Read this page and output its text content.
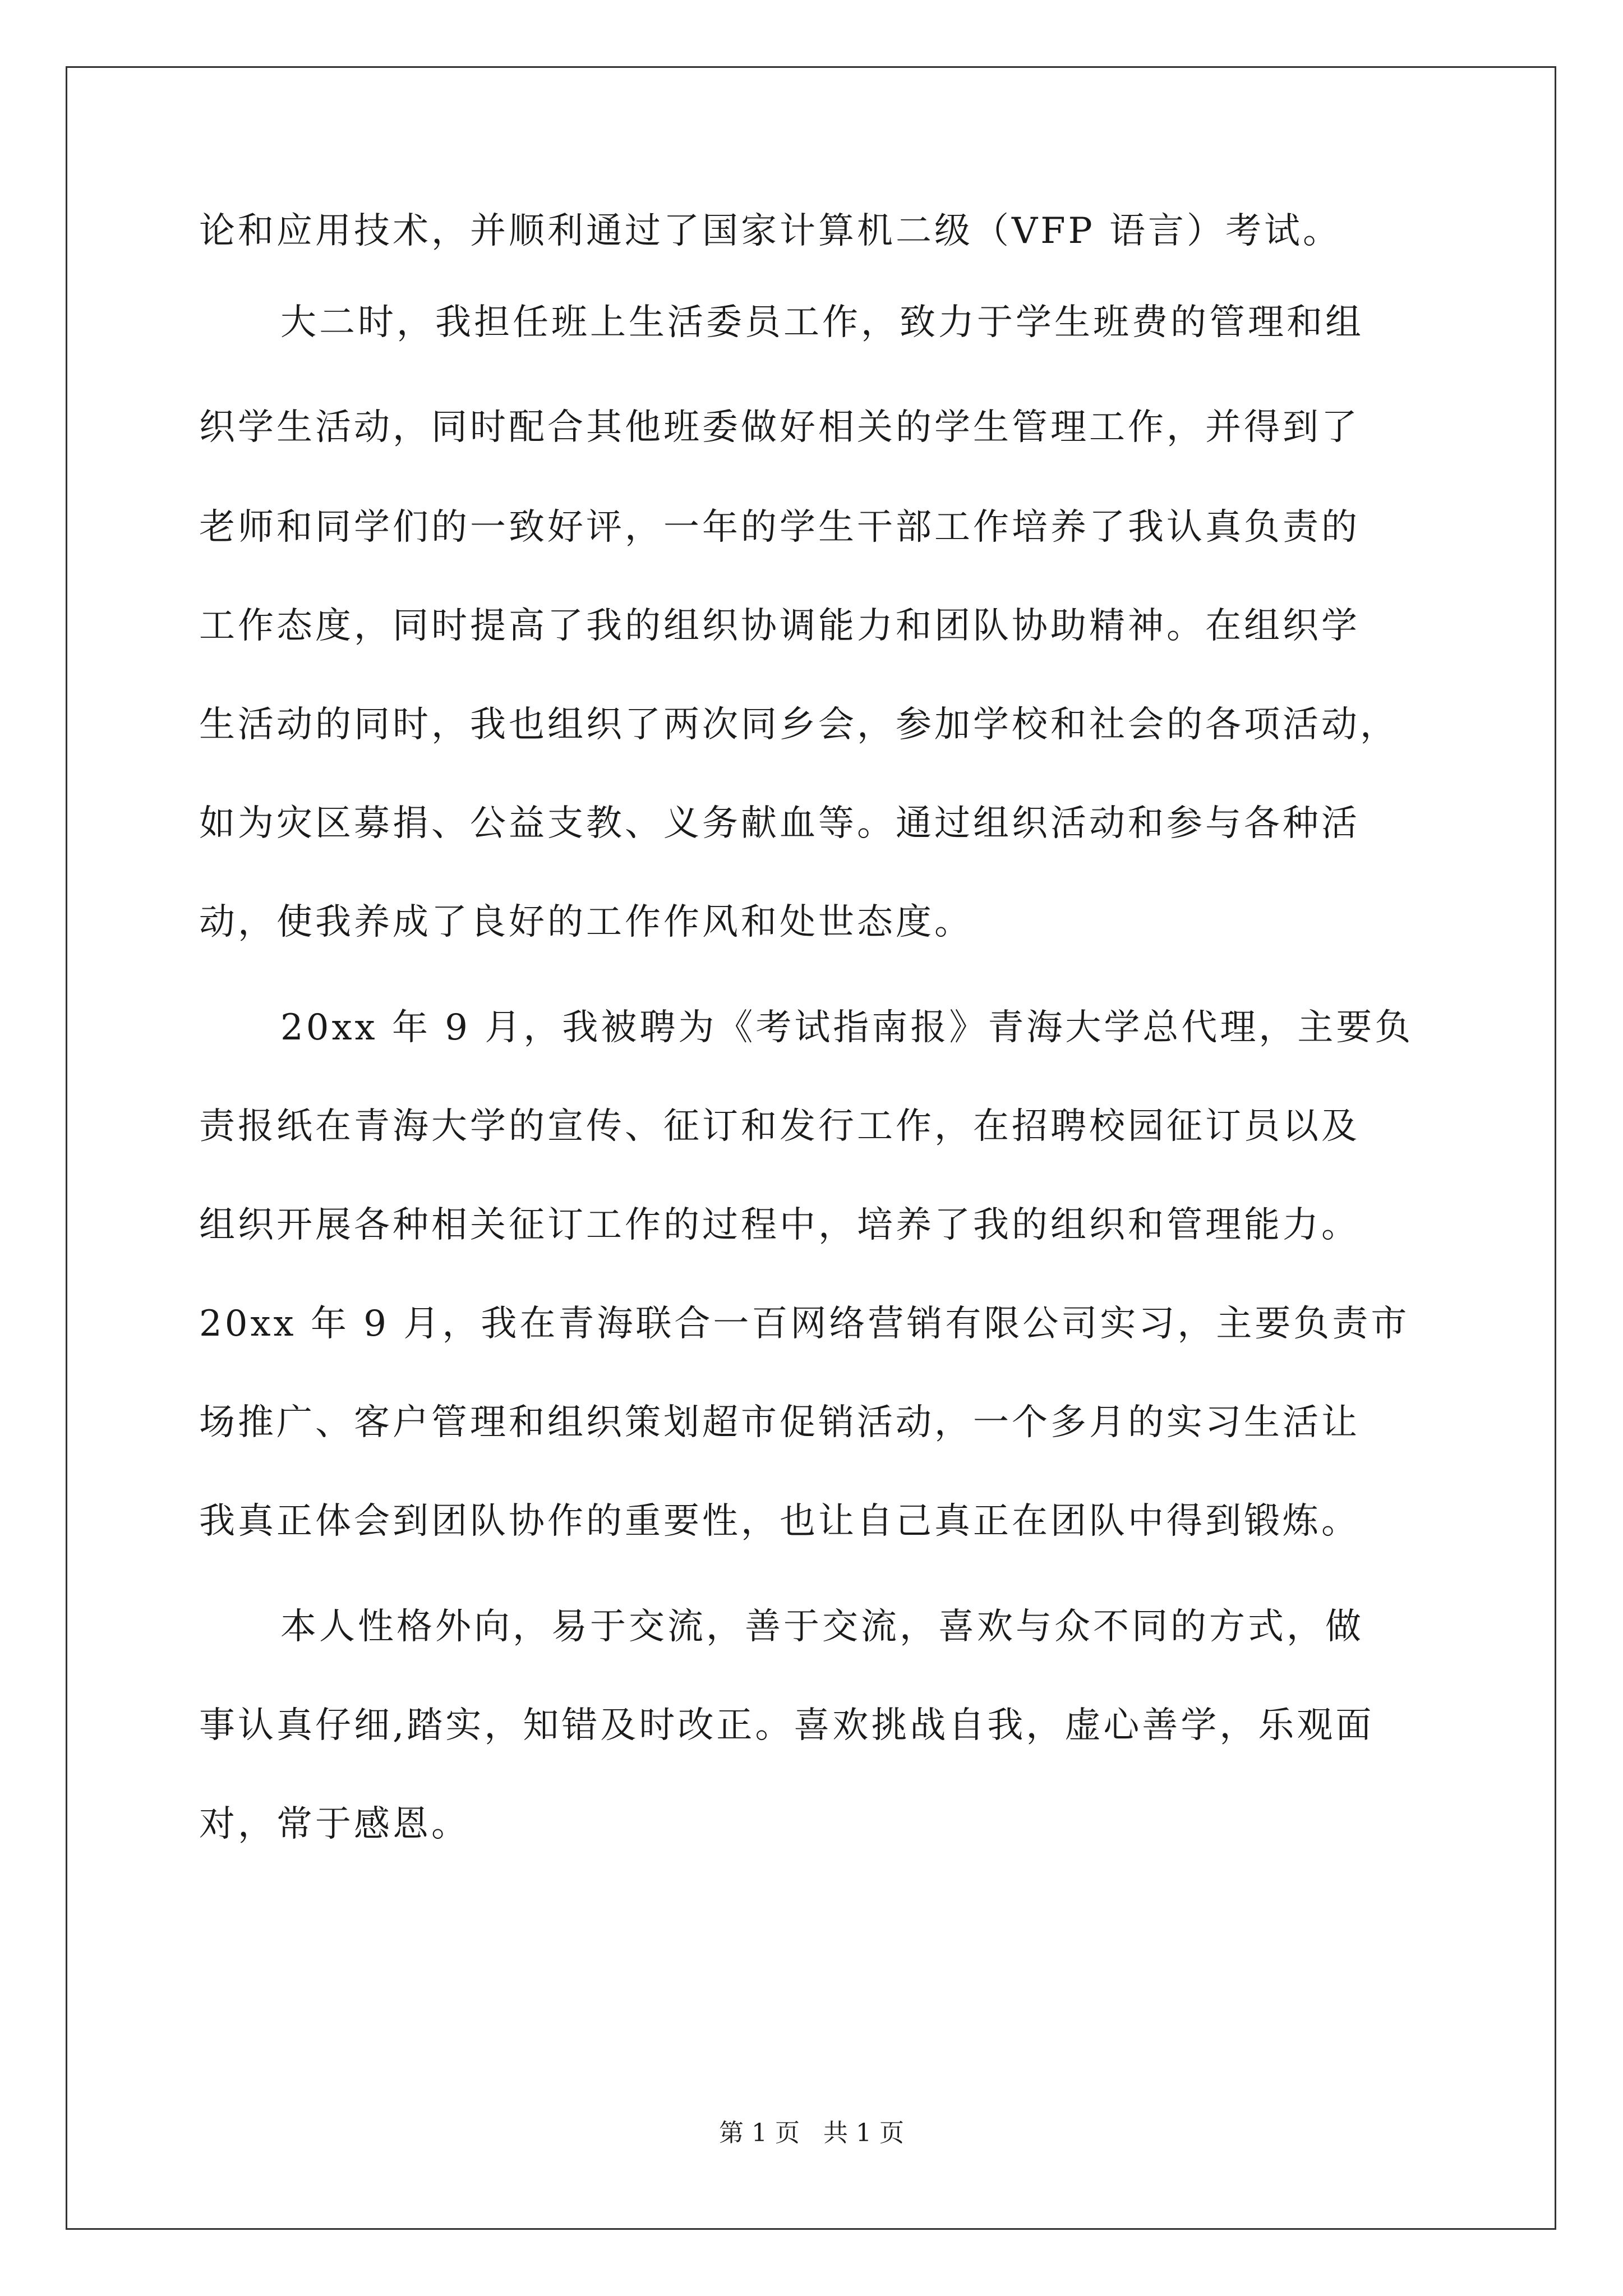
论和应用技术，并顺利通过了国家计算机二级（VFP 语言）考试。
大二时，我担任班上生活委员工作，致力于学生班费的管理和组
织学生活动，同时配合其他班委做好相关的学生管理工作，并得到了
老师和同学们的一致好评，一年的学生干部工作培养了我认真负责的
工作态度，同时提高了我的组织协调能力和团队协助精神。在组织学
生活动的同时，我也组织了两次同乡会，参加学校和社会的各项活动，
如为灾区募捐、公益支教、义务献血等。通过组织活动和参与各种活
动，使我养成了良好的工作作风和处世态度。
20xx 年 9 月，我被聘为《考试指南报》青海大学总代理，主要负
责报纸在青海大学的宣传、征订和发行工作，在招聘校园征订员以及
组织开展各种相关征订工作的过程中，培养了我的组织和管理能力。
20xx 年 9 月，我在青海联合一百网络营销有限公司实习，主要负责市
场推广、客户管理和组织策划超市促销活动，一个多月的实习生活让
我真正体会到团队协作的重要性，也让自己真正在团队中得到锻炼。
本人性格外向，易于交流，善于交流，喜欢与众不同的方式，做
事认真仔细,踏实，知错及时改正。喜欢挑战自我，虚心善学，乐观面
对，常于感恩。
第 1 页   共 1 页
